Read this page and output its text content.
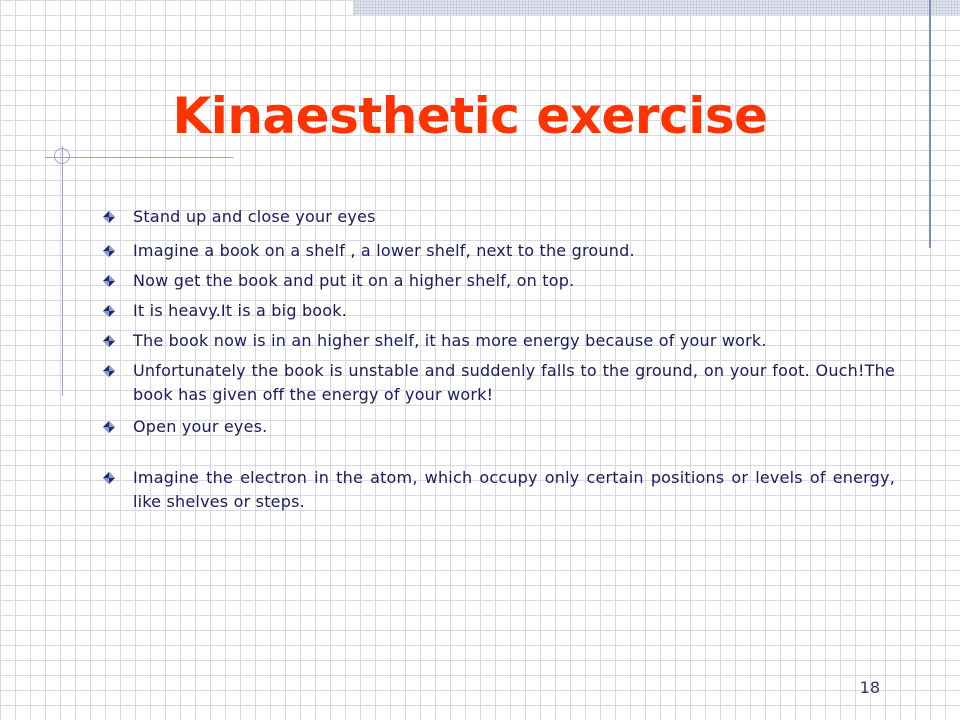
Kinaesthetic exercise
Stand up and close your eyes
Imagine a book on a shelf , a lower shelf, next to the ground.
Now get the book and put it on a higher shelf, on top.
It is heavy.It is a big book.
The book now is in an higher shelf, it has more energy because of your work.
Unfortunately the book is unstable and suddenly falls to the ground, on your foot. Ouch!The book has given off the energy of your work!
Open your eyes.
Imagine the electron in the atom, which occupy only certain positions or levels of energy, like shelves or steps.
18
